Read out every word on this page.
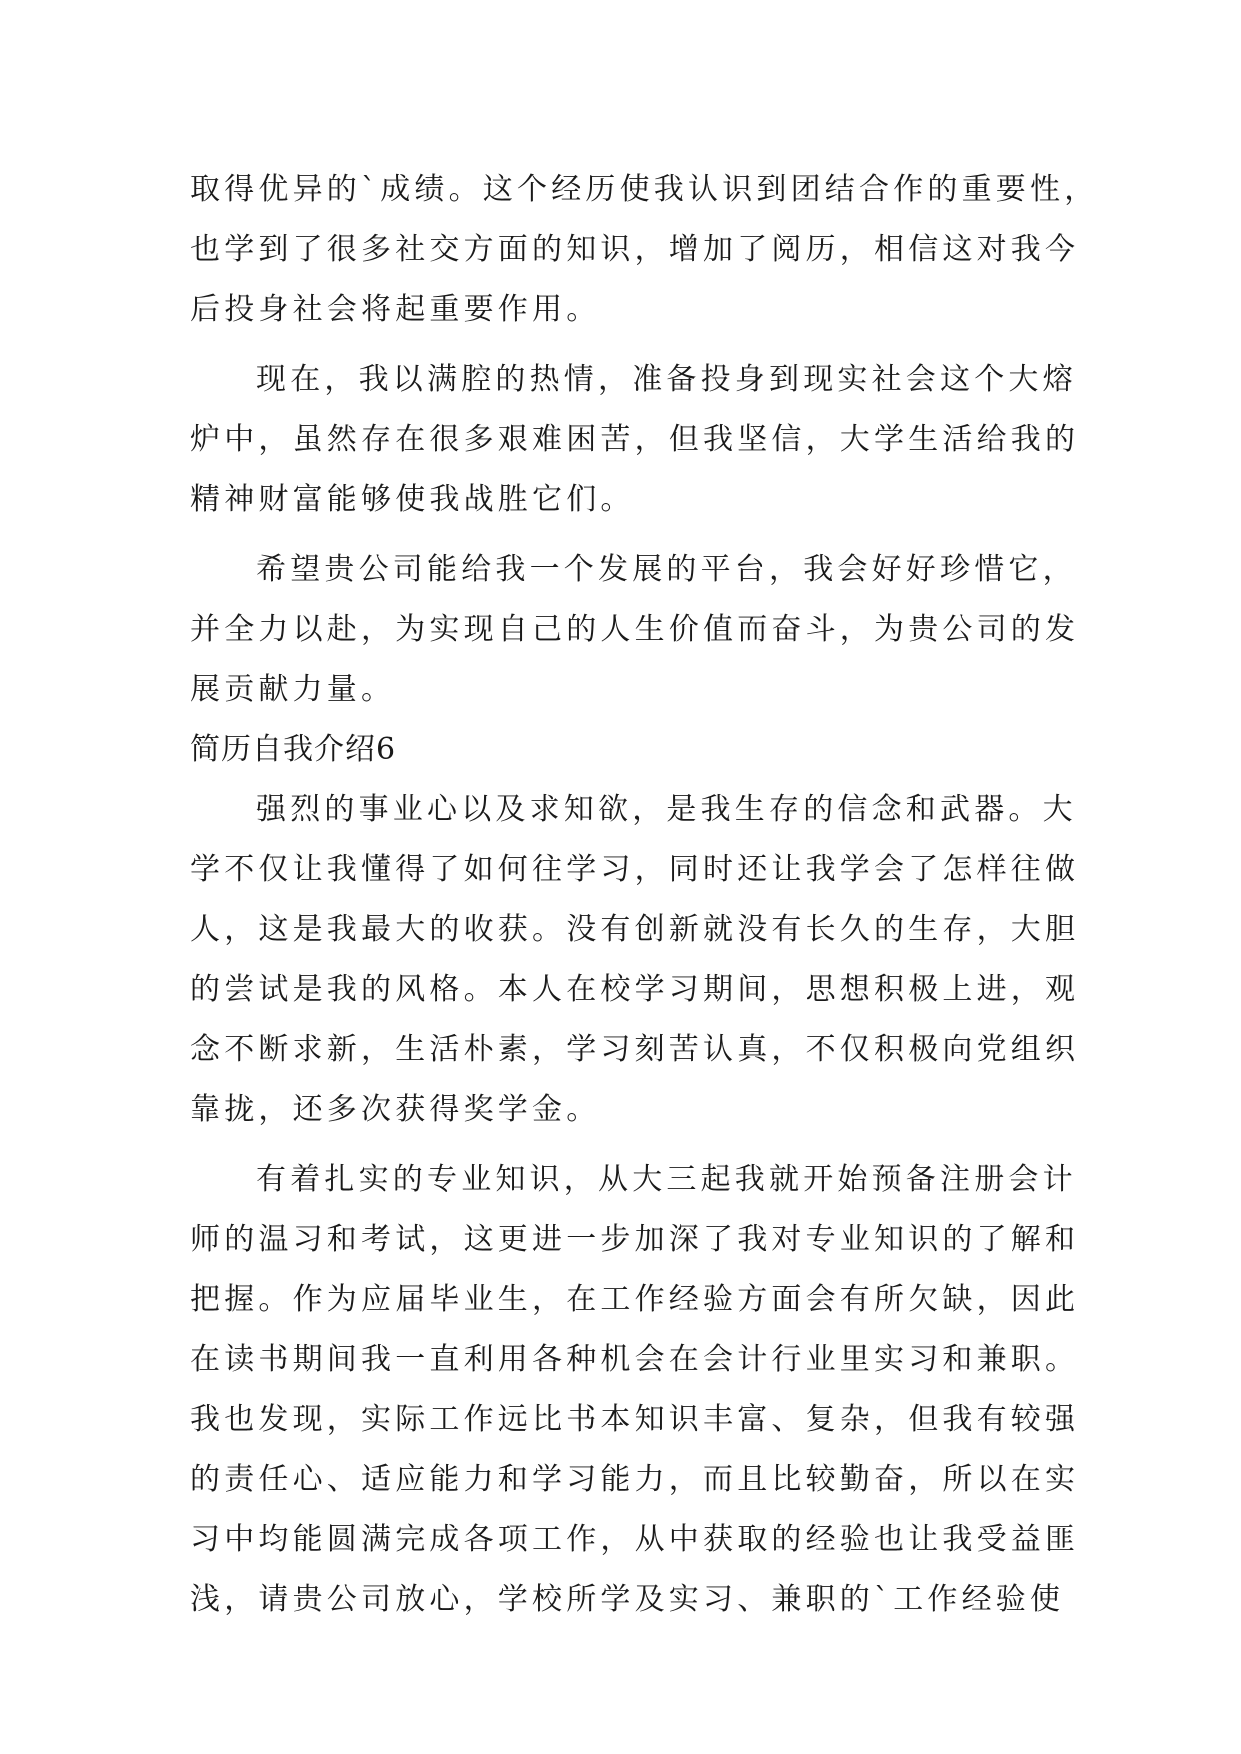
取得优异的`成绩。这个经历使我认识到团结合作的重要性，
也学到了很多社交方面的知识，增加了阅历，相信这对我今
后投身社会将起重要作用。
现在，我以满腔的热情，准备投身到现实社会这个大熔
炉中，虽然存在很多艰难困苦，但我坚信，大学生活给我的
精神财富能够使我战胜它们。
希望贵公司能给我一个发展的平台，我会好好珍惜它，
并全力以赴，为实现自己的人生价值而奋斗，为贵公司的发
展贡献力量。
简历自我介绍6
强烈的事业心以及求知欲，是我生存的信念和武器。大
学不仅让我懂得了如何往学习，同时还让我学会了怎样往做
人，这是我最大的收获。没有创新就没有长久的生存，大胆
的尝试是我的风格。本人在校学习期间，思想积极上进，观
念不断求新，生活朴素，学习刻苦认真，不仅积极向党组织
靠拢，还多次获得奖学金。
有着扎实的专业知识，从大三起我就开始预备注册会计
师的温习和考试，这更进一步加深了我对专业知识的了解和
把握。作为应届毕业生，在工作经验方面会有所欠缺，因此
在读书期间我一直利用各种机会在会计行业里实习和兼职。
我也发现，实际工作远比书本知识丰富、复杂，但我有较强
的责任心、适应能力和学习能力，而且比较勤奋，所以在实
习中均能圆满完成各项工作，从中获取的经验也让我受益匪
浅，请贵公司放心，学校所学及实习、兼职的`工作经验使
